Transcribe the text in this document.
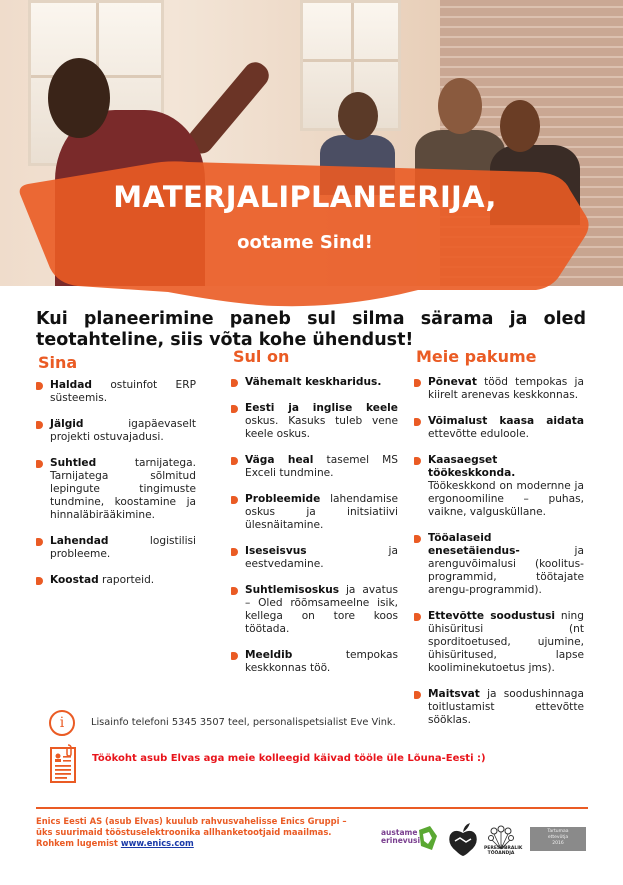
MATERJALIPLANEERIJA,
ootame Sind!
Kui planeerimine paneb sul silma särama ja oled teotahteline, siis võta kohe ühendust!
Sina
Haldad ostuinfot ERP süsteemis.
Jälgid igapäevaselt projekti ostuvajadusi.
Suhtled tarnijatega. Tarnijatega sõlmitud lepingute tingimuste tundmine, koostamine ja hinnaläbirääkimine.
Lahendad logistilisi probleeme.
Koostad raporteid.
Sul on
Vähemalt keskharidus.
Eesti ja inglise keele oskus. Kasuks tuleb vene keele oskus.
Väga heal tasemel MS Exceli tundmine.
Probleemide lahendamise oskus ja initsiatiivi ülesnäitamine.
Iseseisvus ja eestvedamine.
Suhtlemisoskus ja avatus – Oled rõõmsameelne isik, kellega on tore koos töötada.
Meeldib tempokas keskkonnas töö.
Meie pakume
Põnevat tööd tempokas ja kiirelt arenevas keskkonnas.
Võimalust kaasa aidata ettevõtte eduloole.
Kaasaegset töökeskkonda. Töökeskkond on modernne ja ergonoomiline – puhas, vaikne, valgusküllane.
Tööalaseid enesetäiendus- ja arenguvõimalusi (koolitus-programmid, töötajate arengu-programmid).
Ettevõtte soodustusi ning ühisüritusi (nt sporditoetused, ujumine, ühisüritused, lapse kooliminekutoetus jms).
Maitsvat ja soodushinnaga toitlustamist ettevõtte sööklas.
i	Lisainfo telefoni 5345 3507 teel, personalispetsialist Eve Vink.
Töökoht asub Elvas aga meie kolleegid käivad tööle üle Lõuna-Eesti :)
Enics Eesti AS (asub Elvas) kuulub rahvusvahelisse Enics Gruppi –
üks suurimaid tööstuselektroonika allhanketootjaid maailmas.
Rohkem lugemist www.enics.com
austame
erinevusi
PERESÕBRALIK
TÖÖANDJA
Tartumaa
ettevõtja
2016
